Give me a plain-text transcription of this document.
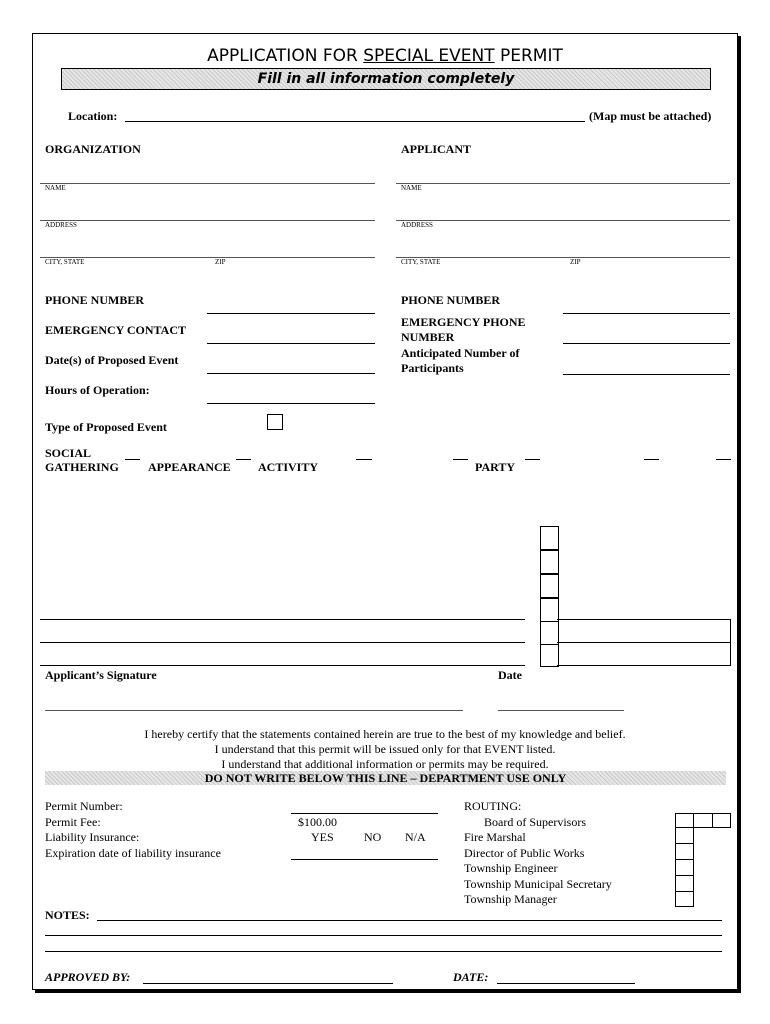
APPLICATION FOR SPECIAL EVENT PERMIT
Fill in all information completely
Location:	(Map must be attached)
ORGANIZATION	APPLICANT
NAME
ADDRESS
CITY, STATE	ZIP
NAME
ADDRESS
CITY, STATE	ZIP
PHONE NUMBER
EMERGENCY CONTACT
Date(s) of Proposed Event
Hours of Operation:
PHONE NUMBER
EMERGENCY PHONE
NUMBER
Anticipated Number of
Participants
Type of Proposed Event
SOCIAL
GATHERING APPEARANCE ACTIVITY	PARTY
Applicant’s Signature	Date
I hereby certify that the statements contained herein are true to the best of my knowledge and belief.
I understand that this permit will be issued only for that EVENT listed.
I understand that additional information or permits may be required.
DO NOT WRITE BELOW THIS LINE – DEPARTMENT USE ONLY
Permit Number:
Permit Fee:	$100.00
Liability Insurance:	YES	NO N/A
Expiration date of liability insurance
ROUTING:
Board of Supervisors
Fire Marshal
Director of Public Works
Township Engineer
Township Municipal Secretary
Township Manager
NOTES:
APPROVED BY:	DATE:
